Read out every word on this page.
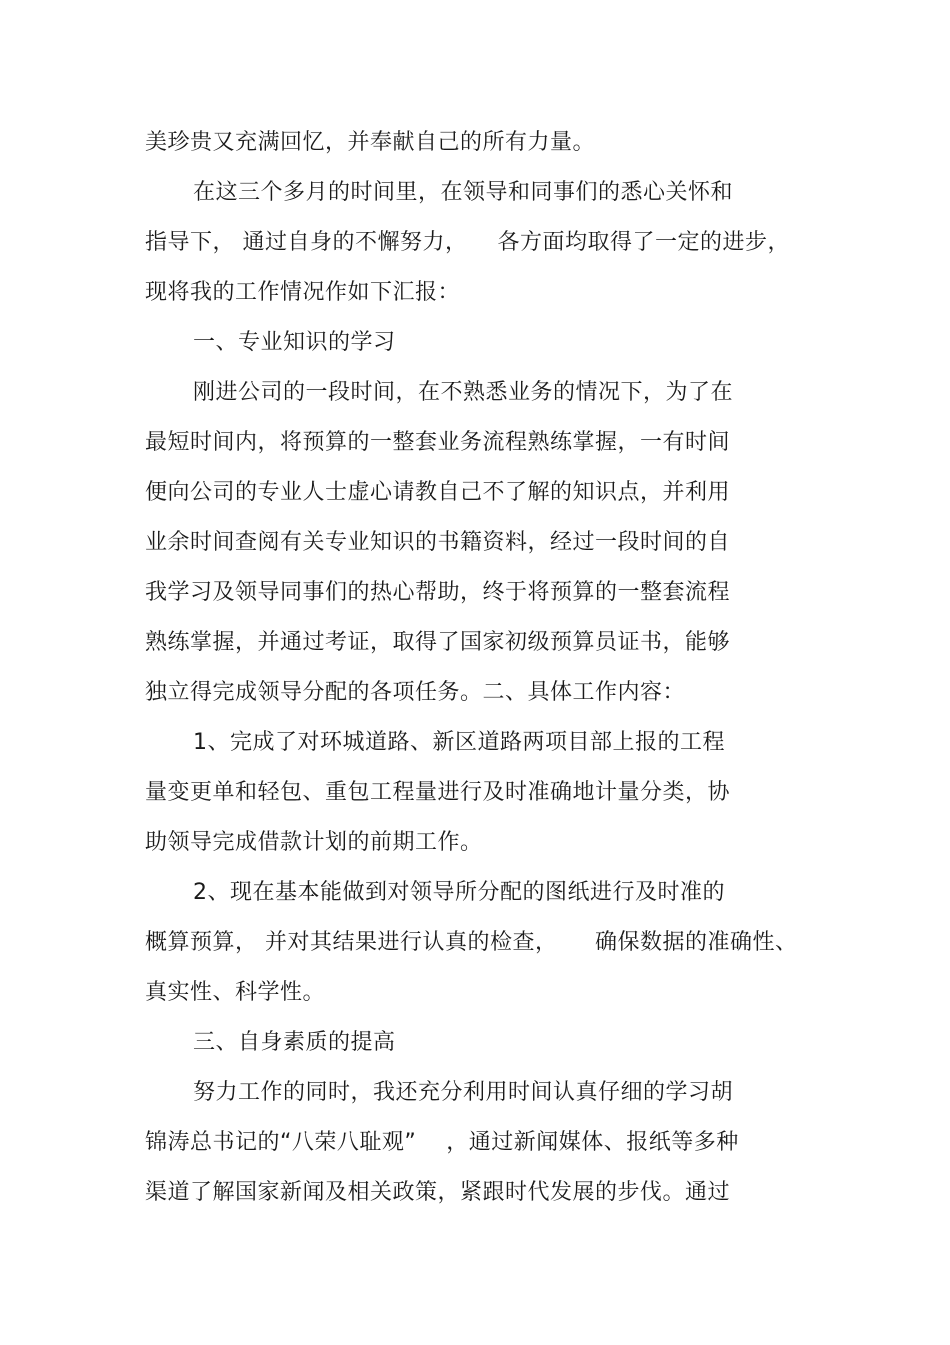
美珍贵又充满回忆，并奉献自己的所有力量。
在这三个多月的时间里，在领导和同事们的悉心关怀和
指导下， 通过自身的不懈努力，    各方面均取得了一定的进步，
现将我的工作情况作如下汇报：
一、专业知识的学习
刚进公司的一段时间，在不熟悉业务的情况下，为了在
最短时间内，将预算的一整套业务流程熟练掌握，一有时间
便向公司的专业人士虚心请教自己不了解的知识点，并利用
业余时间查阅有关专业知识的书籍资料，经过一段时间的自
我学习及领导同事们的热心帮助，终于将预算的一整套流程
熟练掌握，并通过考证，取得了国家初级预算员证书，能够
独立得完成领导分配的各项任务。二、具体工作内容：
1、完成了对环城道路、新区道路两项目部上报的工程
量变更单和轻包、重包工程量进行及时准确地计量分类，协
助领导完成借款计划的前期工作。
2、现在基本能做到对领导所分配的图纸进行及时准的
概算预算， 并对其结果进行认真的检查，     确保数据的准确性、
真实性、科学性。
三、自身素质的提高
努力工作的同时，我还充分利用时间认真仔细的学习胡
锦涛总书记的“八荣八耻观”    ，通过新闻媒体、报纸等多种
渠道了解国家新闻及相关政策，紧跟时代发展的步伐。通过
